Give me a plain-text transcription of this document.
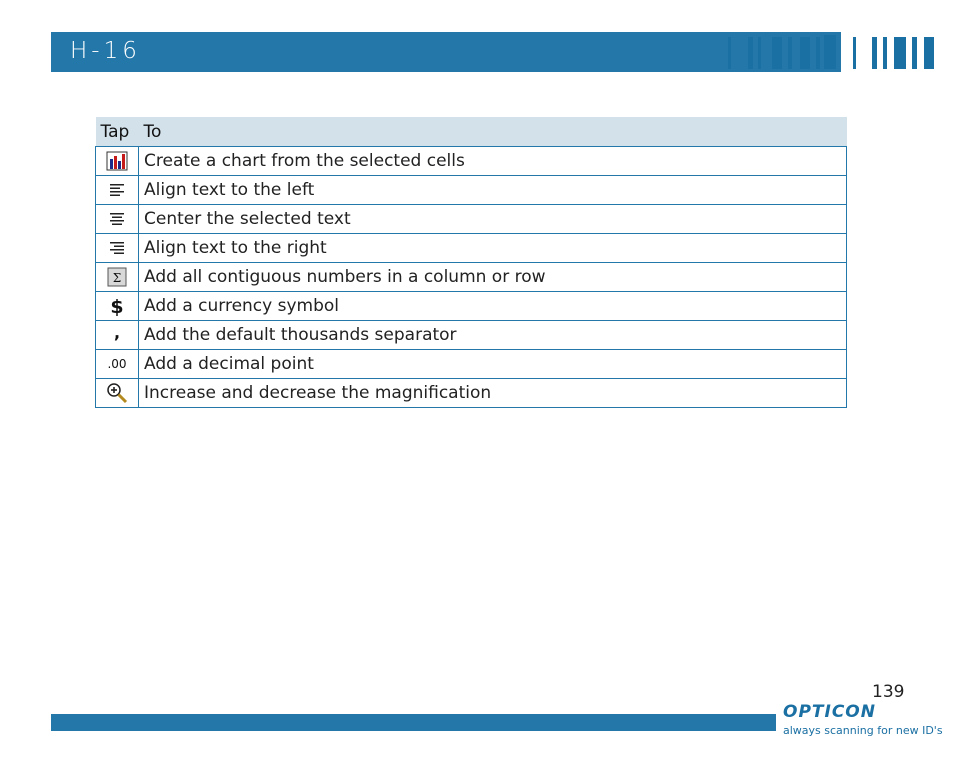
H-16
Tap	To
	Create a chart from the selected cells
	Align text to the left
	Center the selected text
	Align text to the right

Σ	Add all contiguous numbers in a column or row

$	Add a currency symbol

,	Add the default thousands separator

.00	Add a decimal point
	Increase and decrease the magnification
139
OPTICON
always scanning for new ID's
